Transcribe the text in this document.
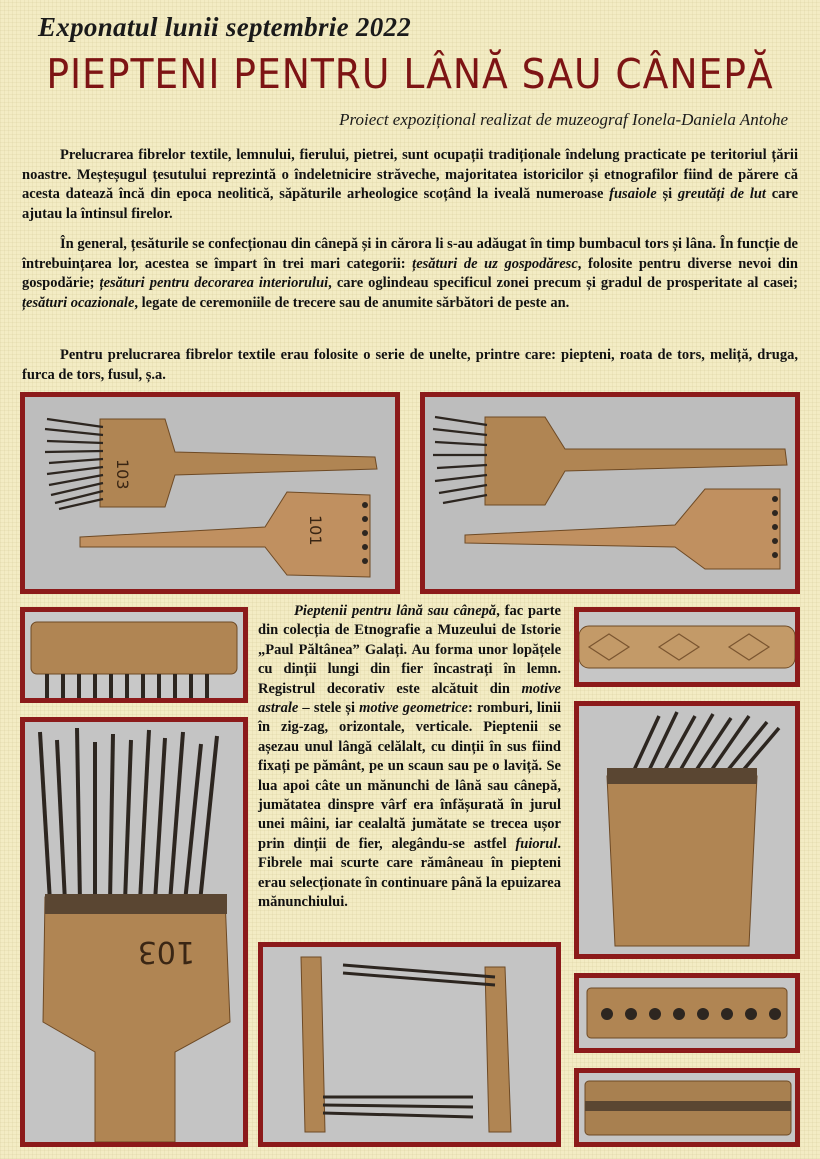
Exponatul lunii septembrie 2022
PIEPTENI PENTRU LÂNĂ SAU CÂNEPĂ
Proiect expozițional realizat de muzeograf Ionela-Daniela Antohe

Prelucrarea fibrelor textile, lemnului, fierului, pietrei, sunt ocupații tradiționale îndelung practicate pe teritoriul țării noastre. Meșteșugul țesutului reprezintă o îndeletnicire străveche, majoritatea istoricilor și etnografilor fiind de părere că acesta datează încă din epoca neolitică, săpăturile arheologice scoțând la iveală numeroase fusaiole și greutăți de lut care ajutau la întinsul firelor.

În general, țesăturile se confecționau din cânepă și in cărora li s-au adăugat în timp bumbacul tors și lâna. În funcție de întrebuințarea lor, acestea se împart în trei mari categorii: țesături de uz gospodăresc, folosite pentru diverse nevoi din gospodărie; țesături pentru decorarea interiorului, care oglindeau specificul zonei precum și gradul de prosperitate al casei; țesături ocazionale, legate de ceremoniile de trecere sau de anumite sărbători de peste an.

Pentru prelucrarea fibrelor textile erau folosite o serie de unelte, printre care: piepteni, roata de tors, meliță, druga, furca de tors, fusul, ș.a.

103
101
103
Pieptenii pentru lână sau cânepă, fac parte din colecția de Etnografie a Muzeului de Istorie „Paul Păltânea” Galați. Au forma unor lopățele cu dinții lungi din fier încastrați în lemn. Registrul decorativ este alcătuit din motive astrale – stele și motive geometrice: romburi, linii în zig-zag, orizontale, verticale. Pieptenii se așezau unul lângă celălalt, cu dinții în sus fiind fixați pe pământ, pe un scaun sau pe o laviță. Se lua apoi câte un mănunchi de lână sau cânepă, jumătatea dinspre vârf era înfășurată în jurul unei mâini, iar cealaltă jumătate se trecea ușor prin dinții de fier, alegându-se astfel fuiorul. Fibrele mai scurte care rămâneau în piepteni erau selecționate în continuare până la epuizarea mănunchiului.
